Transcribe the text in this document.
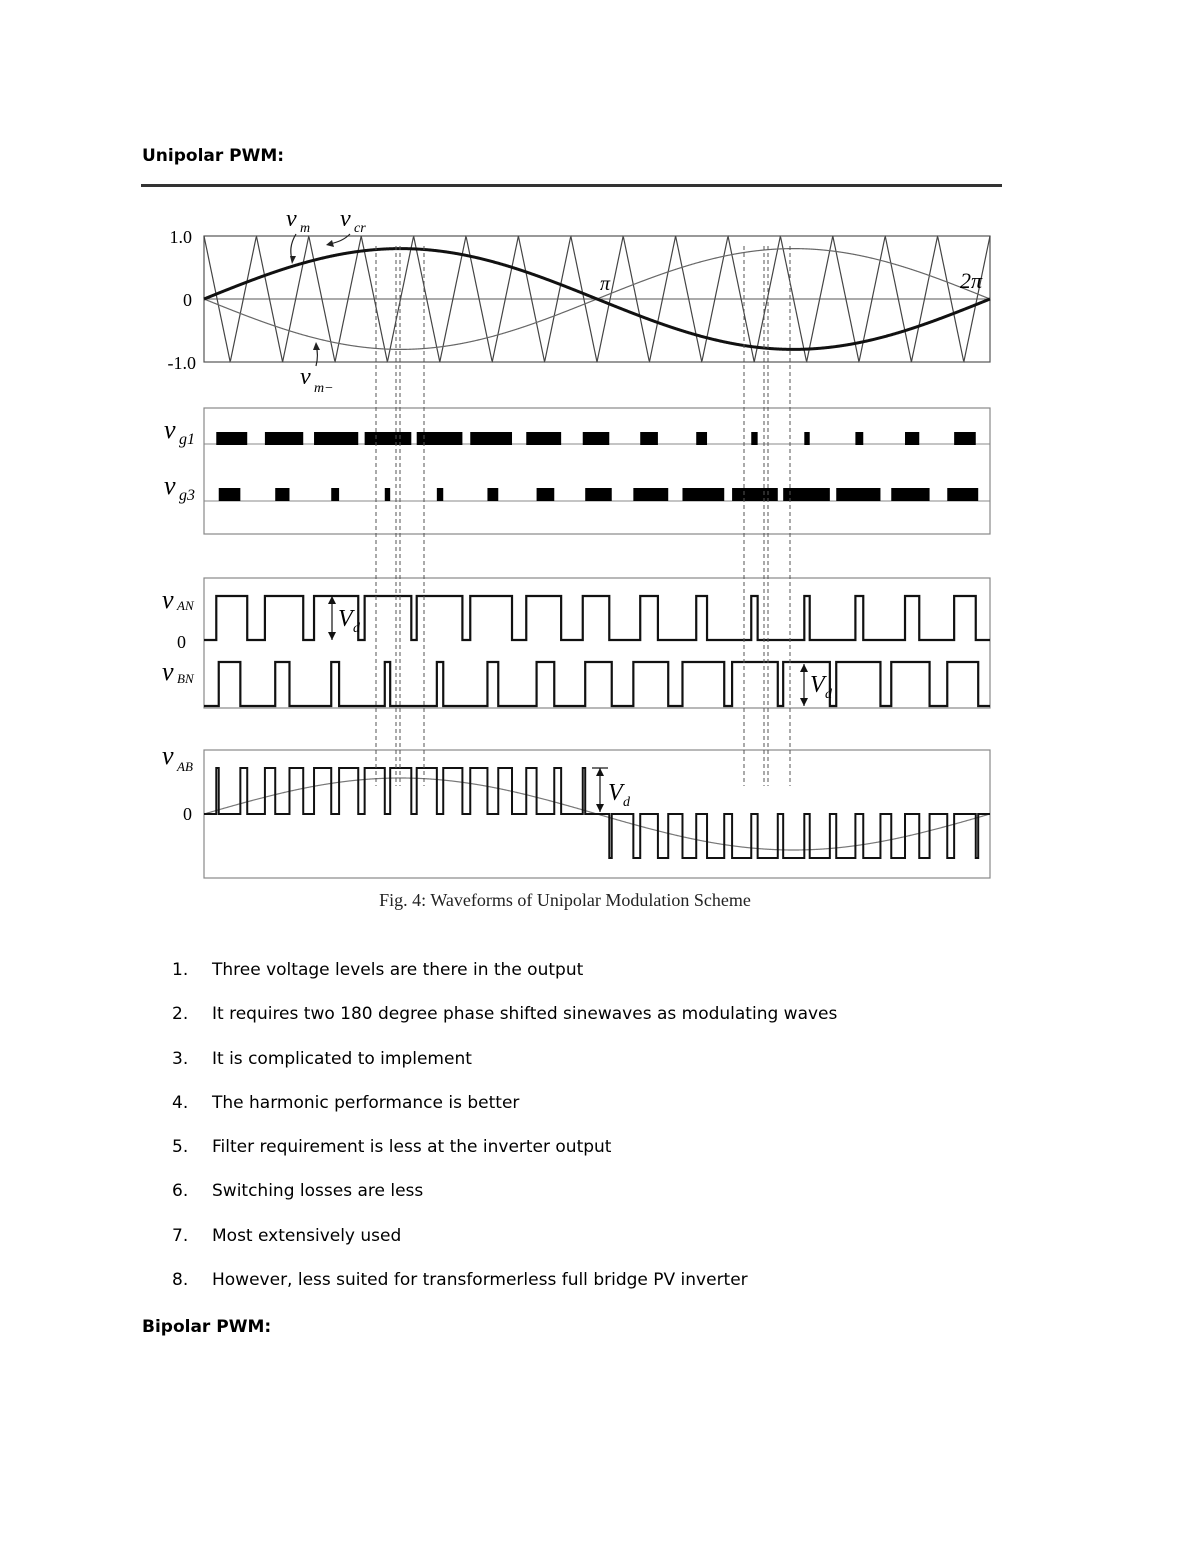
Unipolar PWM:
1.0
0
-1.0
v m v cr
v m−
π	2π
v g1
v g3
v AN
0
v BN
V d
V d
v AB
0
V d
Fig. 4: Waveforms of Unipolar Modulation Scheme
1.	Three voltage levels are there in the output
2.	It requires two 180 degree phase shifted sinewaves as modulating waves
3.	It is complicated to implement
4.	The harmonic performance is better
5.	Filter requirement is less at the inverter output
6.	Switching losses are less
7.	Most extensively used
8.	However, less suited for transformerless full bridge PV inverter
Bipolar PWM:
